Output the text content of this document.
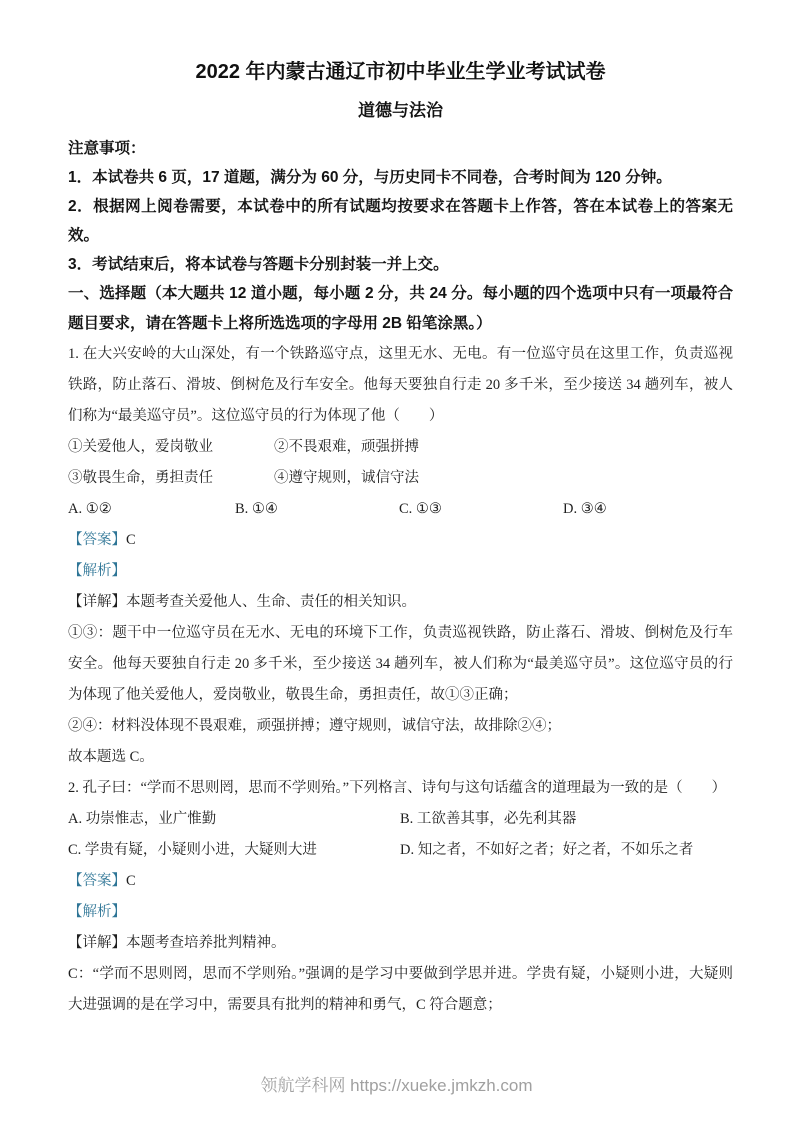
2022 年内蒙古通辽市初中毕业生学业考试试卷

道德与法治

注意事项：

1．本试卷共 6 页，17 道题，满分为 60 分，与历史同卡不同卷，合考时间为 120 分钟。

2．根据网上阅卷需要，本试卷中的所有试题均按要求在答题卡上作答，答在本试卷上的答案无效。

3．考试结束后，将本试卷与答题卡分别封装一并上交。

一、选择题（本大题共 12 道小题，每小题 2 分，共 24 分。每小题的四个选项中只有一项最符合题目要求，请在答题卡上将所选选项的字母用 2B 铅笔涂黑。）

1. 在大兴安岭的大山深处，有一个铁路巡守点，这里无水、无电。有一位巡守员在这里工作，负责巡视铁路，防止落石、滑坡、倒树危及行车安全。他每天要独自行走 20 多千米，至少接送 34 趟列车，被人们称为“最美巡守员”。这位巡守员的行为体现了他（　　）

①关爱他人，爱岗敬业	②不畏艰难，顽强拼搏
③敬畏生命，勇担责任	④遵守规则，诚信守法
A. ①②	B. ①④	C. ①③	D. ③④

【答案】C

【解析】

【详解】本题考查关爱他人、生命、责任的相关知识。

①③：题干中一位巡守员在无水、无电的环境下工作，负责巡视铁路，防止落石、滑坡、倒树危及行车安全。他每天要独自行走 20 多千米，至少接送 34 趟列车，被人们称为“最美巡守员”。这位巡守员的行为体现了他关爱他人，爱岗敬业，敬畏生命，勇担责任，故①③正确；

②④：材料没体现不畏艰难，顽强拼搏；遵守规则，诚信守法，故排除②④；

故本题选 C。

2. 孔子曰：“学而不思则罔，思而不学则殆。”下列格言、诗句与这句话蕴含的道理最为一致的是（　　）

A. 功崇惟志，业广惟勤	B. 工欲善其事，必先利其器
C. 学贵有疑，小疑则小进，大疑则大进	D. 知之者，不如好之者；好之者，不如乐之者

【答案】C

【解析】

【详解】本题考查培养批判精神。

C：“学而不思则罔，思而不学则殆。”强调的是学习中要做到学思并进。学贵有疑，小疑则小进，大疑则大进强调的是在学习中，需要具有批判的精神和勇气，C 符合题意；

领航学科网 https://xueke.jmkzh.com
